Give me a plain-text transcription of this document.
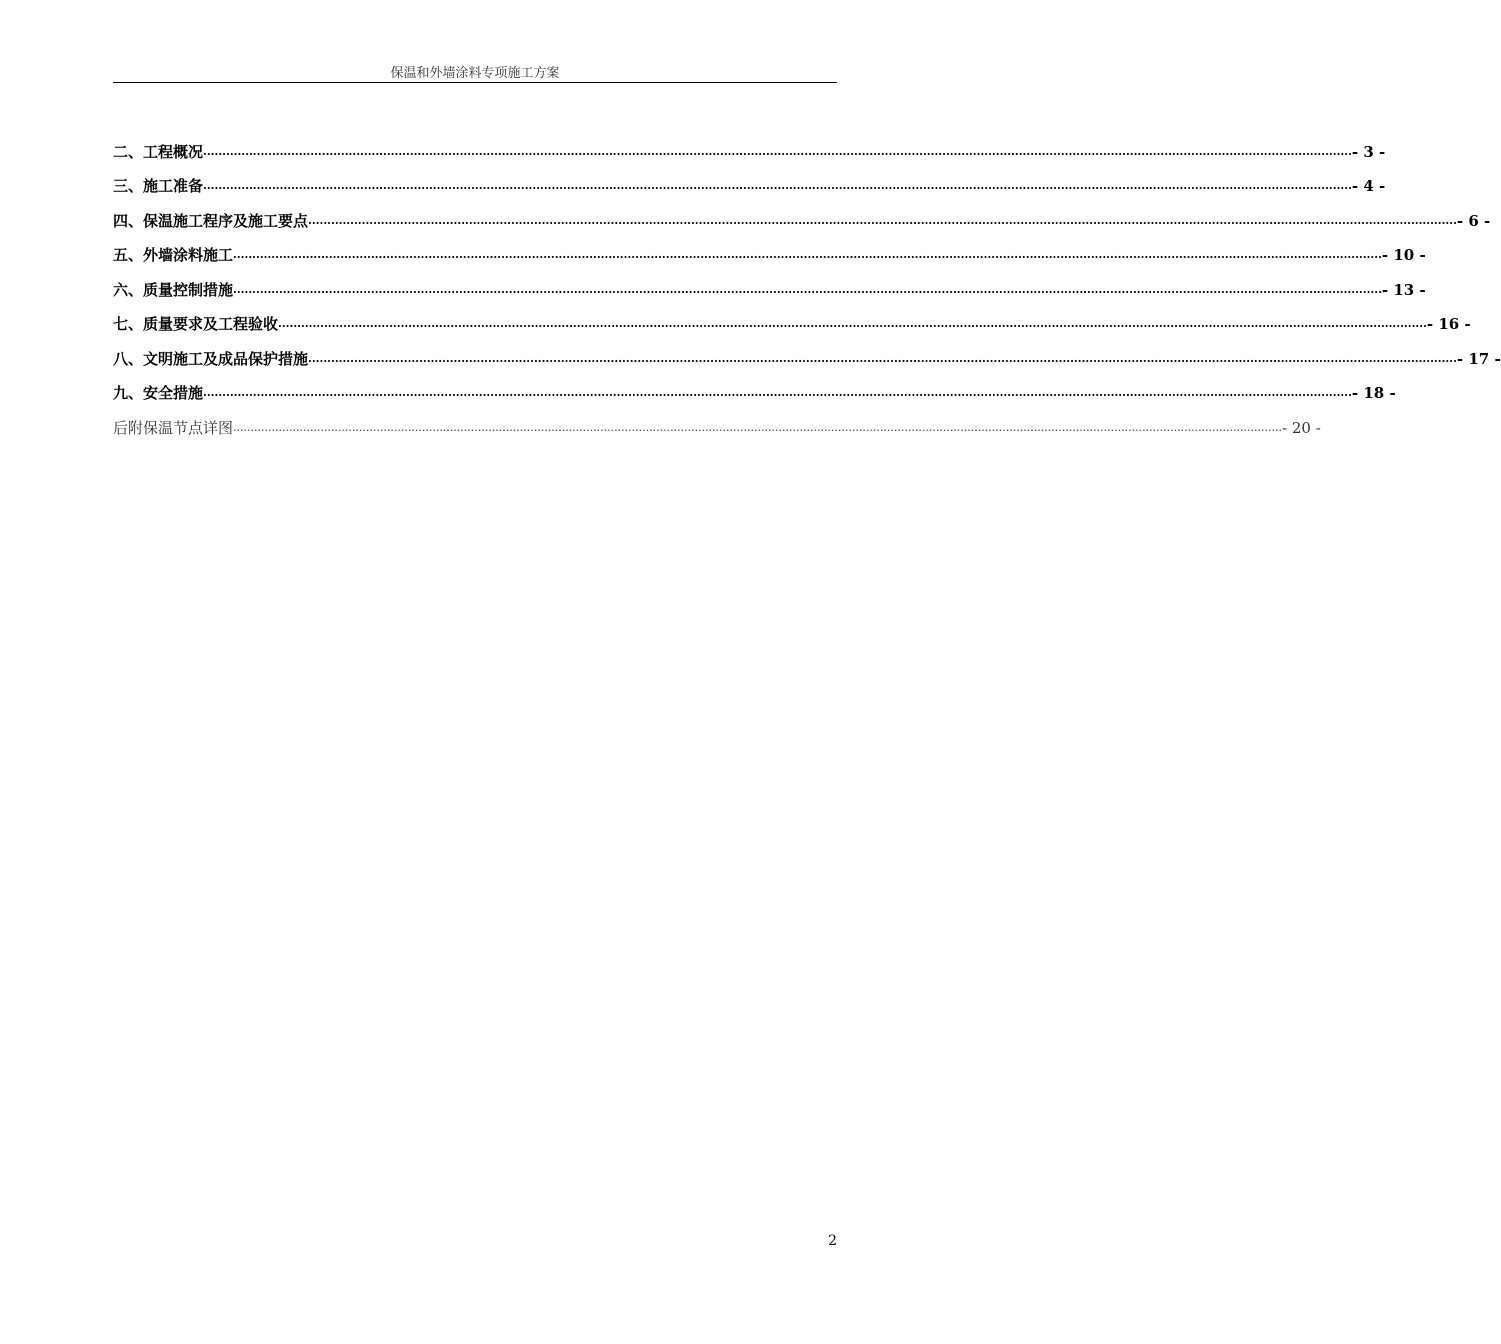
保温和外墙涂料专项施工方案
二、工程概况 ............................................................................................................................................................................................................................................................................................................ - 3 -
三、施工准备 ............................................................................................................................................................................................................................................................................................................ - 4 -
四、保温施工程序及施工要点 ............................................................................................................................................................................................................................................................................................................ - 6 -
五、外墙涂料施工 ............................................................................................................................................................................................................................................................................................................ - 10 -
六、质量控制措施 ............................................................................................................................................................................................................................................................................................................ - 13 -
七、质量要求及工程验收 ............................................................................................................................................................................................................................................................................................................ - 16 -
八、文明施工及成品保护措施 ............................................................................................................................................................................................................................................................................................................ - 17 -
九、安全措施 ............................................................................................................................................................................................................................................................................................................ - 18 -
后附保温节点详图 ............................................................................................................................................................................................................................................................................................................ - 20 -
2
